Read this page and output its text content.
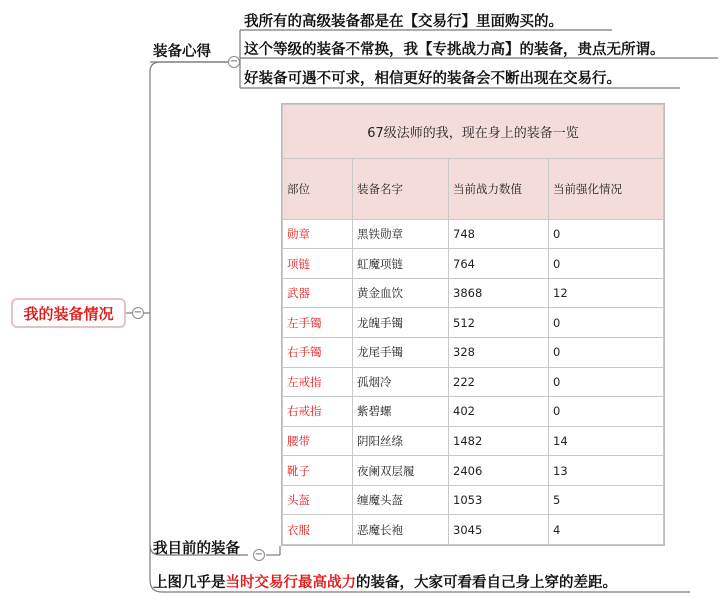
我的装备情况 −
装备心得
−
我所有的高级装备都是在【交易行】里面购买的。
这个等级的装备不常换，我【专挑战力高】的装备，贵点无所谓。
好装备可遇不可求，相信更好的装备会不断出现在交易行。
67级法师的我，现在身上的装备一览			
部位	装备名字	当前战力数值	当前强化情况
勋章	黑铁勋章	748	0
项链	虹魔项链	764	0
武器	黄金血饮	3868	12
左手镯	龙魄手镯	512	0
右手镯	龙尾手镯	328	0
左戒指	孤烟冷	222	0
右戒指	紫碧螺	402	0
腰带	阴阳丝绦	1482	14
靴子	夜阑双层履	2406	13
头盔	缠魔头盔	1053	5
衣服	恶魔长袍	3045	4
我目前的装备 −
上图几乎是当时交易行最高战力的装备，大家可看看自己身上穿的差距。
